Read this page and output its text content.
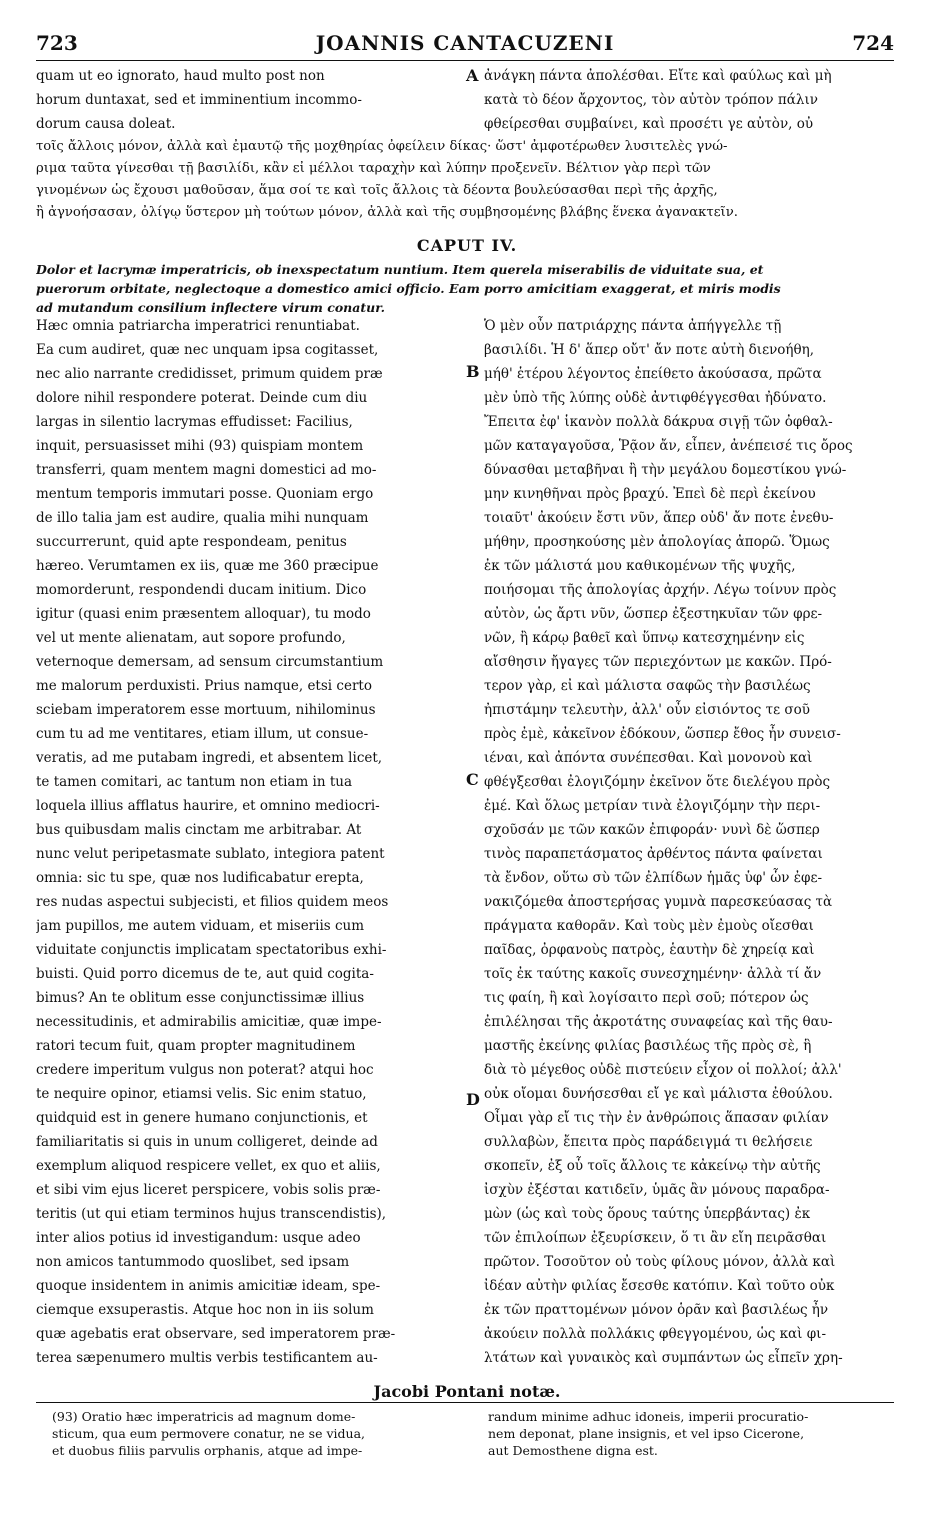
723	JOANNIS CANTACUZENI	724
quam ut eo ignorato, haud multo post non
horum duntaxat, sed et imminentium incommo-
dorum causa doleat.
A ἀνάγκη πάντα ἀπολέσθαι. Εἴτε καὶ φαύλως καὶ μὴ
κατὰ τὸ δέον ἄρχοντος, τὸν αὐτὸν τρόπον πάλιν
φθείρεσθαι συμβαίνει, καὶ προσέτι γε αὐτὸν, οὐ
τοῖς ἄλλοις μόνον, ἀλλὰ καὶ ἐμαυτῷ τῆς μοχθηρίας ὀφείλειν δίκας· ὥστ' ἀμφοτέρωθεν λυσιτελὲς γνώ-
ριμα ταῦτα γίνεσθαι τῇ βασιλίδι, κἂν εἰ μέλλοι ταραχὴν καὶ λύπην προξενεῖν. Βέλτιον γὰρ περὶ τῶν
γινομένων ὡς ἔχουσι μαθοῦσαν, ἅμα σοί τε καὶ τοῖς ἄλλοις τὰ δέοντα βουλεύσασθαι περὶ τῆς ἀρχῆς,
ἢ ἀγνοήσασαν, ὀλίγῳ ὕστερον μὴ τούτων μόνον, ἀλλὰ καὶ τῆς συμβησομένης βλάβης ἕνεκα ἀγανακτεῖν.
CAPUT IV.
Dolor et lacrymæ imperatricis, ob inexspectatum nuntium. Item querela miserabilis de viduitate sua, et
puerorum orbitate, neglectoque a domestico amici officio. Eam porro amicitiam exaggerat, et miris modis
ad mutandum consilium inflectere virum conatur.
Hæc omnia patriarcha imperatrici renuntiabat.
Ea cum audiret, quæ nec unquam ipsa cogitasset,
nec alio narrante credidisset, primum quidem præ
dolore nihil respondere poterat. Deinde cum diu
largas in silentio lacrymas effudisset: Facilius,
inquit, persuasisset mihi (93) quispiam montem
transferri, quam mentem magni domestici ad mo-
mentum temporis immutari posse. Quoniam ergo
de illo talia jam est audire, qualia mihi nunquam
succurrerunt, quid apte respondeam, penitus
hæreo. Verumtamen ex iis, quæ me 360 præcipue
momorderunt, respondendi ducam initium. Dico
igitur (quasi enim præsentem alloquar), tu modo
vel ut mente alienatam, aut sopore profundo,
veternoque demersam, ad sensum circumstantium
me malorum perduxisti. Prius namque, etsi certo
sciebam imperatorem esse mortuum, nihilominus
cum tu ad me ventitares, etiam illum, ut consue-
veratis, ad me putabam ingredi, et absentem licet,
te tamen comitari, ac tantum non etiam in tua
loquela illius afflatus haurire, et omnino mediocri-
bus quibusdam malis cinctam me arbitrabar. At
nunc velut peripetasmate sublato, integiora patent
omnia: sic tu spe, quæ nos ludificabatur erepta,
res nudas aspectui subjecisti, et filios quidem meos
jam pupillos, me autem viduam, et miseriis cum
viduitate conjunctis implicatam spectatoribus exhi-
buisti. Quid porro dicemus de te, aut quid cogita-
bimus? An te oblitum esse conjunctissimæ illius
necessitudinis, et admirabilis amicitiæ, quæ impe-
ratori tecum fuit, quam propter magnitudinem
credere imperitum vulgus non poterat? atqui hoc
te nequire opinor, etiamsi velis. Sic enim statuo,
quidquid est in genere humano conjunctionis, et
familiaritatis si quis in unum colligeret, deinde ad
exemplum aliquod respicere vellet, ex quo et aliis,
et sibi vim ejus liceret perspicere, vobis solis præ-
teritis (ut qui etiam terminos hujus transcendistis),
inter alios potius id investigandum: usque adeo
non amicos tantummodo quoslibet, sed ipsam
quoque insidentem in animis amicitiæ ideam, spe-
ciemque exsuperastis. Atque hoc non in iis solum
quæ agebatis erat observare, sed imperatorem præ-
terea sæpenumero multis verbis testificantem au-
B
C
D
Ὁ μὲν οὖν πατριάρχης πάντα ἀπήγγελλε τῇ
βασιλίδι. Ἡ δ' ἅπερ οὔτ' ἄν ποτε αὐτὴ διενοήθη,
μήθ' ἑτέρου λέγοντος ἐπείθετο ἀκούσασα, πρῶτα
μὲν ὑπὸ τῆς λύπης οὐδὲ ἀντιφθέγγεσθαι ἠδύνατο.
Ἔπειτα ἐφ' ἱκανὸν πολλὰ δάκρυα σιγῇ τῶν ὀφθαλ-
μῶν καταγαγοῦσα, Ῥᾷον ἄν, εἶπεν, ἀνέπεισέ τις ὄρος
δύνασθαι μεταβῆναι ἢ τὴν μεγάλου δομεστίκου γνώ-
μην κινηθῆναι πρὸς βραχύ. Ἐπεὶ δὲ περὶ ἐκείνου
τοιαῦτ' ἀκούειν ἔστι νῦν, ἅπερ οὐδ' ἄν ποτε ἐνεθυ-
μήθην, προσηκούσης μὲν ἀπολογίας ἀπορῶ. Ὅμως
ἐκ τῶν μάλιστά μου καθικομένων τῆς ψυχῆς,
ποιήσομαι τῆς ἀπολογίας ἀρχήν. Λέγω τοίνυν πρὸς
αὐτὸν, ὡς ἄρτι νῦν, ὥσπερ ἐξεστηκυῖαν τῶν φρε-
νῶν, ἢ κάρῳ βαθεῖ καὶ ὕπνῳ κατεσχημένην εἰς
αἴσθησιν ἤγαγες τῶν περιεχόντων με κακῶν. Πρό-
τερον γὰρ, εἰ καὶ μάλιστα σαφῶς τὴν βασιλέως
ἠπιστάμην τελευτὴν, ἀλλ' οὖν εἰσιόντος τε σοῦ
πρὸς ἐμὲ, κἀκεῖνον ἐδόκουν, ὥσπερ ἔθος ἦν συνεισ-
ιέναι, καὶ ἀπόντα συνέπεσθαι. Καὶ μονονοὺ καὶ
φθέγξεσθαι ἐλογιζόμην ἐκεῖνον ὅτε διελέγου πρὸς
ἐμέ. Καὶ ὅλως μετρίαν τινὰ ἐλογιζόμην τὴν περι-
σχοῦσάν με τῶν κακῶν ἐπιφοράν· νυνὶ δὲ ὥσπερ
τινὸς παραπετάσματος ἀρθέντος πάντα φαίνεται
τὰ ἔνδον, οὕτω σὺ τῶν ἐλπίδων ἡμᾶς ὑφ' ὧν ἐφε-
νακιζόμεθα ἀποστερήσας γυμνὰ παρεσκεύασας τὰ
πράγματα καθορᾶν. Καὶ τοὺς μὲν ἐμοὺς οἴεσθαι
παῖδας, ὀρφανοὺς πατρὸς, ἑαυτὴν δὲ χηρείᾳ καὶ
τοῖς ἐκ ταύτης κακοῖς συνεσχημένην· ἀλλὰ τί ἄν
τις φαίη, ἢ καὶ λογίσαιτο περὶ σοῦ; πότερον ὡς
ἐπιλέλησαι τῆς ἀκροτάτης συναφείας καὶ τῆς θαυ-
μαστῆς ἐκείνης φιλίας βασιλέως τῆς πρὸς σὲ, ἣ
διὰ τὸ μέγεθος οὐδὲ πιστεύειν εἶχον οἱ πολλοί; ἀλλ'
οὐκ οἴομαι δυνήσεσθαι εἴ γε καὶ μάλιστα ἐθούλου.
Οἶμαι γὰρ εἴ τις τὴν ἐν ἀνθρώποις ἅπασαν φιλίαν
συλλαβὼν, ἔπειτα πρὸς παράδειγμά τι θελήσειε
σκοπεῖν, ἐξ οὗ τοῖς ἄλλοις τε κἀκείνῳ τὴν αὐτῆς
ἰσχὺν ἐξέσται κατιδεῖν, ὑμᾶς ἂν μόνους παραδρα-
μὼν (ὡς καὶ τοὺς ὅρους ταύτης ὑπερβάντας) ἐκ
τῶν ἐπιλοίπων ἐξευρίσκειν, ὅ τι ἂν εἴη πειρᾶσθαι
πρῶτον. Τοσοῦτον οὐ τοὺς φίλους μόνον, ἀλλὰ καὶ
ἰδέαν αὐτὴν φιλίας ἔσεσθε κατόπιν. Καὶ τοῦτο οὐκ
ἐκ τῶν πραττομένων μόνον ὁρᾶν καὶ βασιλέως ἦν
ἀκούειν πολλὰ πολλάκις φθεγγομένου, ὡς καὶ φι-
λτάτων καὶ γυναικὸς καὶ συμπάντων ὡς εἶπεῖν χρη-
Jacobi Pontani notæ.
(93) Oratio hæc imperatricis ad magnum dome-
sticum, qua eum permovere conatur, ne se vidua,
et duobus filiis parvulis orphanis, atque ad impe-
randum minime adhuc idoneis, imperii procuratio-
nem deponat, plane insignis, et vel ipso Cicerone,
aut Demosthene digna est.
